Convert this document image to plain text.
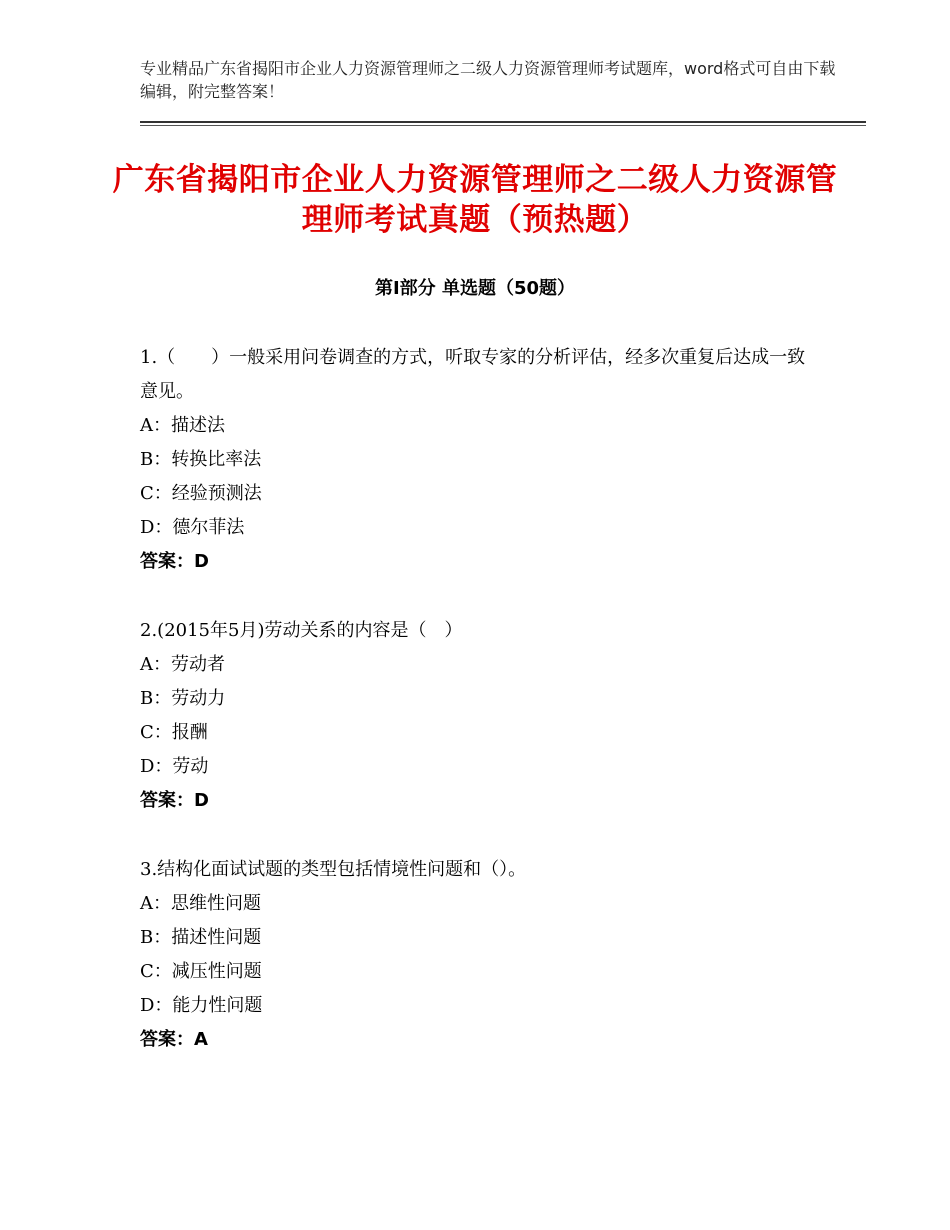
专业精品广东省揭阳市企业人力资源管理师之二级人力资源管理师考试题库，word格式可自由下载编辑，附完整答案！
广东省揭阳市企业人力资源管理师之二级人力资源管理师考试真题（预热题）
第Ⅰ部分 单选题（50题）

1.（　　）一般采用问卷调查的方式，听取专家的分析评估，经多次重复后达成一致意见。

A：描述法

B：转换比率法

C：经验预测法

D：德尔菲法

答案：D

2.(2015年5月)劳动关系的内容是（　）

A：劳动者

B：劳动力

C：报酬

D：劳动

答案：D

3.结构化面试试题的类型包括情境性问题和（）。

A：思维性问题

B：描述性问题

C：减压性问题

D：能力性问题

答案：A
